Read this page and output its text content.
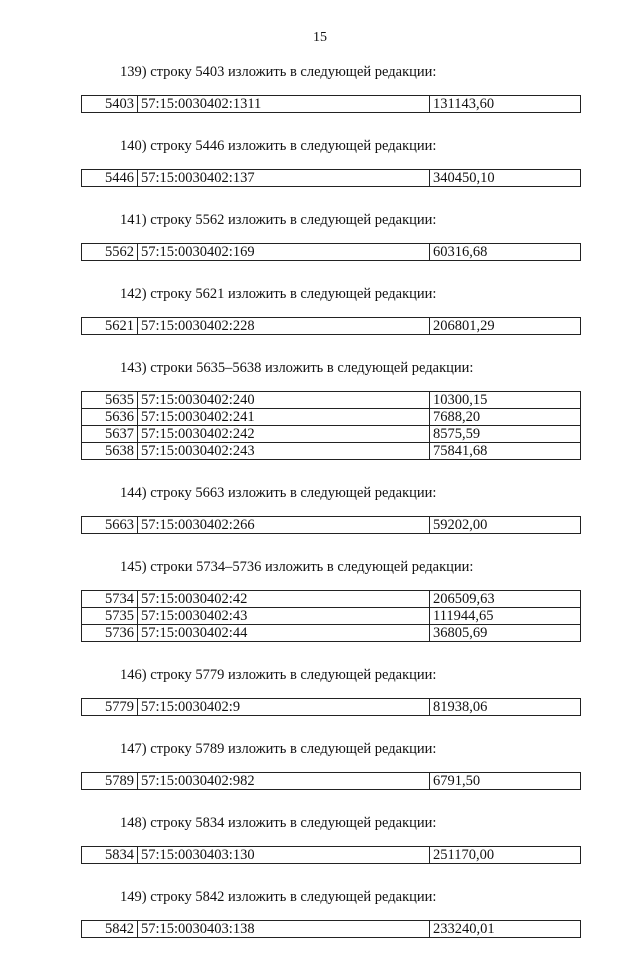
15
139) строку 5403 изложить в следующей редакции:
5403	57:15:0030402:1311	131143,60
140) строку 5446 изложить в следующей редакции:
5446	57:15:0030402:137	340450,10
141) строку 5562 изложить в следующей редакции:
5562	57:15:0030402:169	60316,68
142) строку 5621 изложить в следующей редакции:
5621	57:15:0030402:228	206801,29
143) строки 5635–5638 изложить в следующей редакции:
5635	57:15:0030402:240	10300,15
5636	57:15:0030402:241	7688,20
5637	57:15:0030402:242	8575,59
5638	57:15:0030402:243	75841,68
144) строку 5663 изложить в следующей редакции:
5663	57:15:0030402:266	59202,00
145) строки 5734–5736 изложить в следующей редакции:
5734	57:15:0030402:42	206509,63
5735	57:15:0030402:43	111944,65
5736	57:15:0030402:44	36805,69
146) строку 5779 изложить в следующей редакции:
5779	57:15:0030402:9	81938,06
147) строку 5789 изложить в следующей редакции:
5789	57:15:0030402:982	6791,50
148) строку 5834 изложить в следующей редакции:
5834	57:15:0030403:130	251170,00
149) строку 5842 изложить в следующей редакции:
5842	57:15:0030403:138	233240,01
